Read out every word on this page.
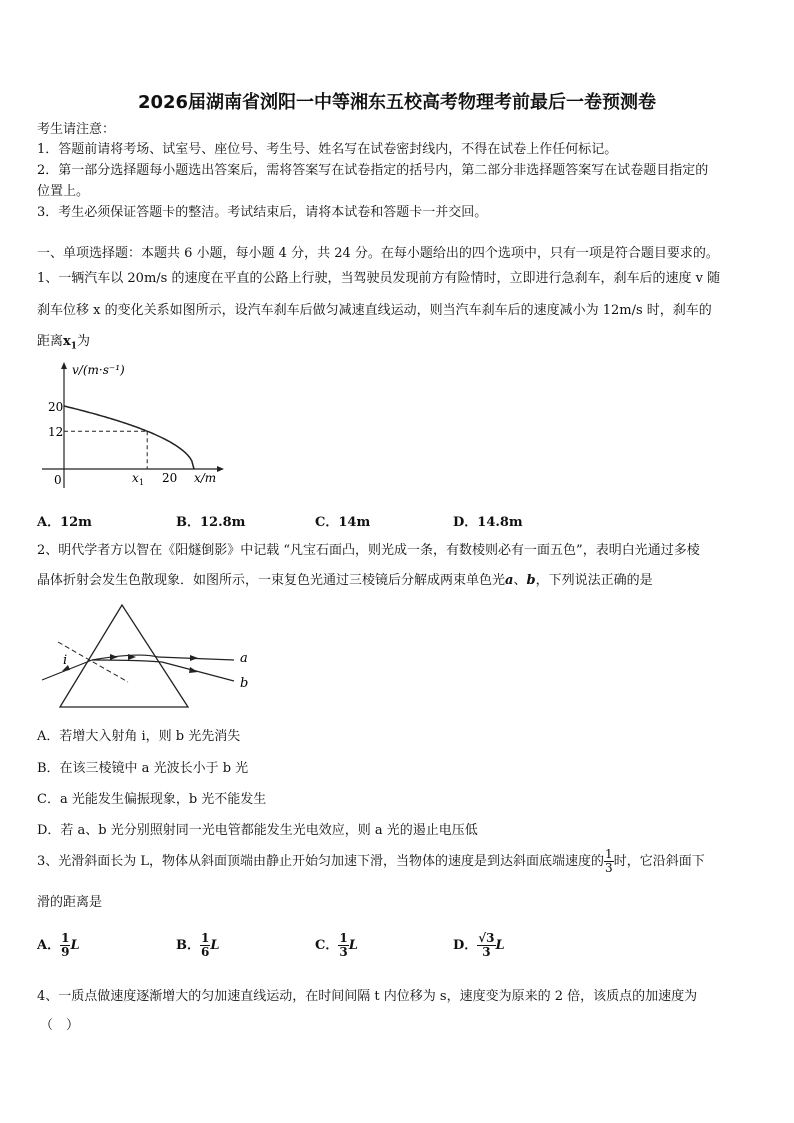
2026届湖南省浏阳一中等湘东五校高考物理考前最后一卷预测卷
考生请注意：
1．答题前请将考场、试室号、座位号、考生号、姓名写在试卷密封线内，不得在试卷上作任何标记。
2．第一部分选择题每小题选出答案后，需将答案写在试卷指定的括号内，第二部分非选择题答案写在试卷题目指定的
位置上。
3．考生必须保证答题卡的整洁。考试结束后，请将本试卷和答题卡一并交回。
一、单项选择题：本题共 6 小题，每小题 4 分，共 24 分。在每小题给出的四个选项中，只有一项是符合题目要求的。
1、一辆汽车以 20m/s 的速度在平直的公路上行驶，当驾驶员发现前方有险情时，立即进行急刹车，刹车后的速度 v 随
刹车位移 x 的变化关系如图所示，设汽车刹车后做匀减速直线运动，则当汽车刹车后的速度减小为 12m/s 时，刹车的
距离$x_1$为
v/(m·s⁻¹)
20
12
0	x 1 20 x/m
A．12m	B．12.8m	C．14m	D．14.8m
2、明代学者方以智在《阳燧倒影》中记载 “凡宝石面凸，则光成一条，有数棱则必有一面五色”，表明白光通过多棱
晶体折射会发生色散现象．如图所示，一束复色光通过三棱镜后分解成两束单色光a、b，下列说法正确的是
i	a
b
A．若增大入射角 i，则 b 光先消失
B．在该三棱镜中 a 光波长小于 b 光
C．a 光能发生偏振现象，b 光不能发生
D．若 a、b 光分别照射同一光电管都能发生光电效应，则 a 光的遏止电压低
3、光滑斜面长为 L，物体从斜面顶端由静止开始匀加速下滑，当物体的速度是到达斜面底端速度的 $\frac{1}{3}$ 时，它沿斜面下
滑的距离是
A． $\frac{1}{9}$ L	B． $\frac{1}{6}$ L	C． $\frac{1}{3}$ L	D． $\frac{√3}{3}$ L
4、一质点做速度逐渐增大的匀加速直线运动，在时间间隔 t 内位移为 s，速度变为原来的 2 倍，该质点的加速度为
（　）
